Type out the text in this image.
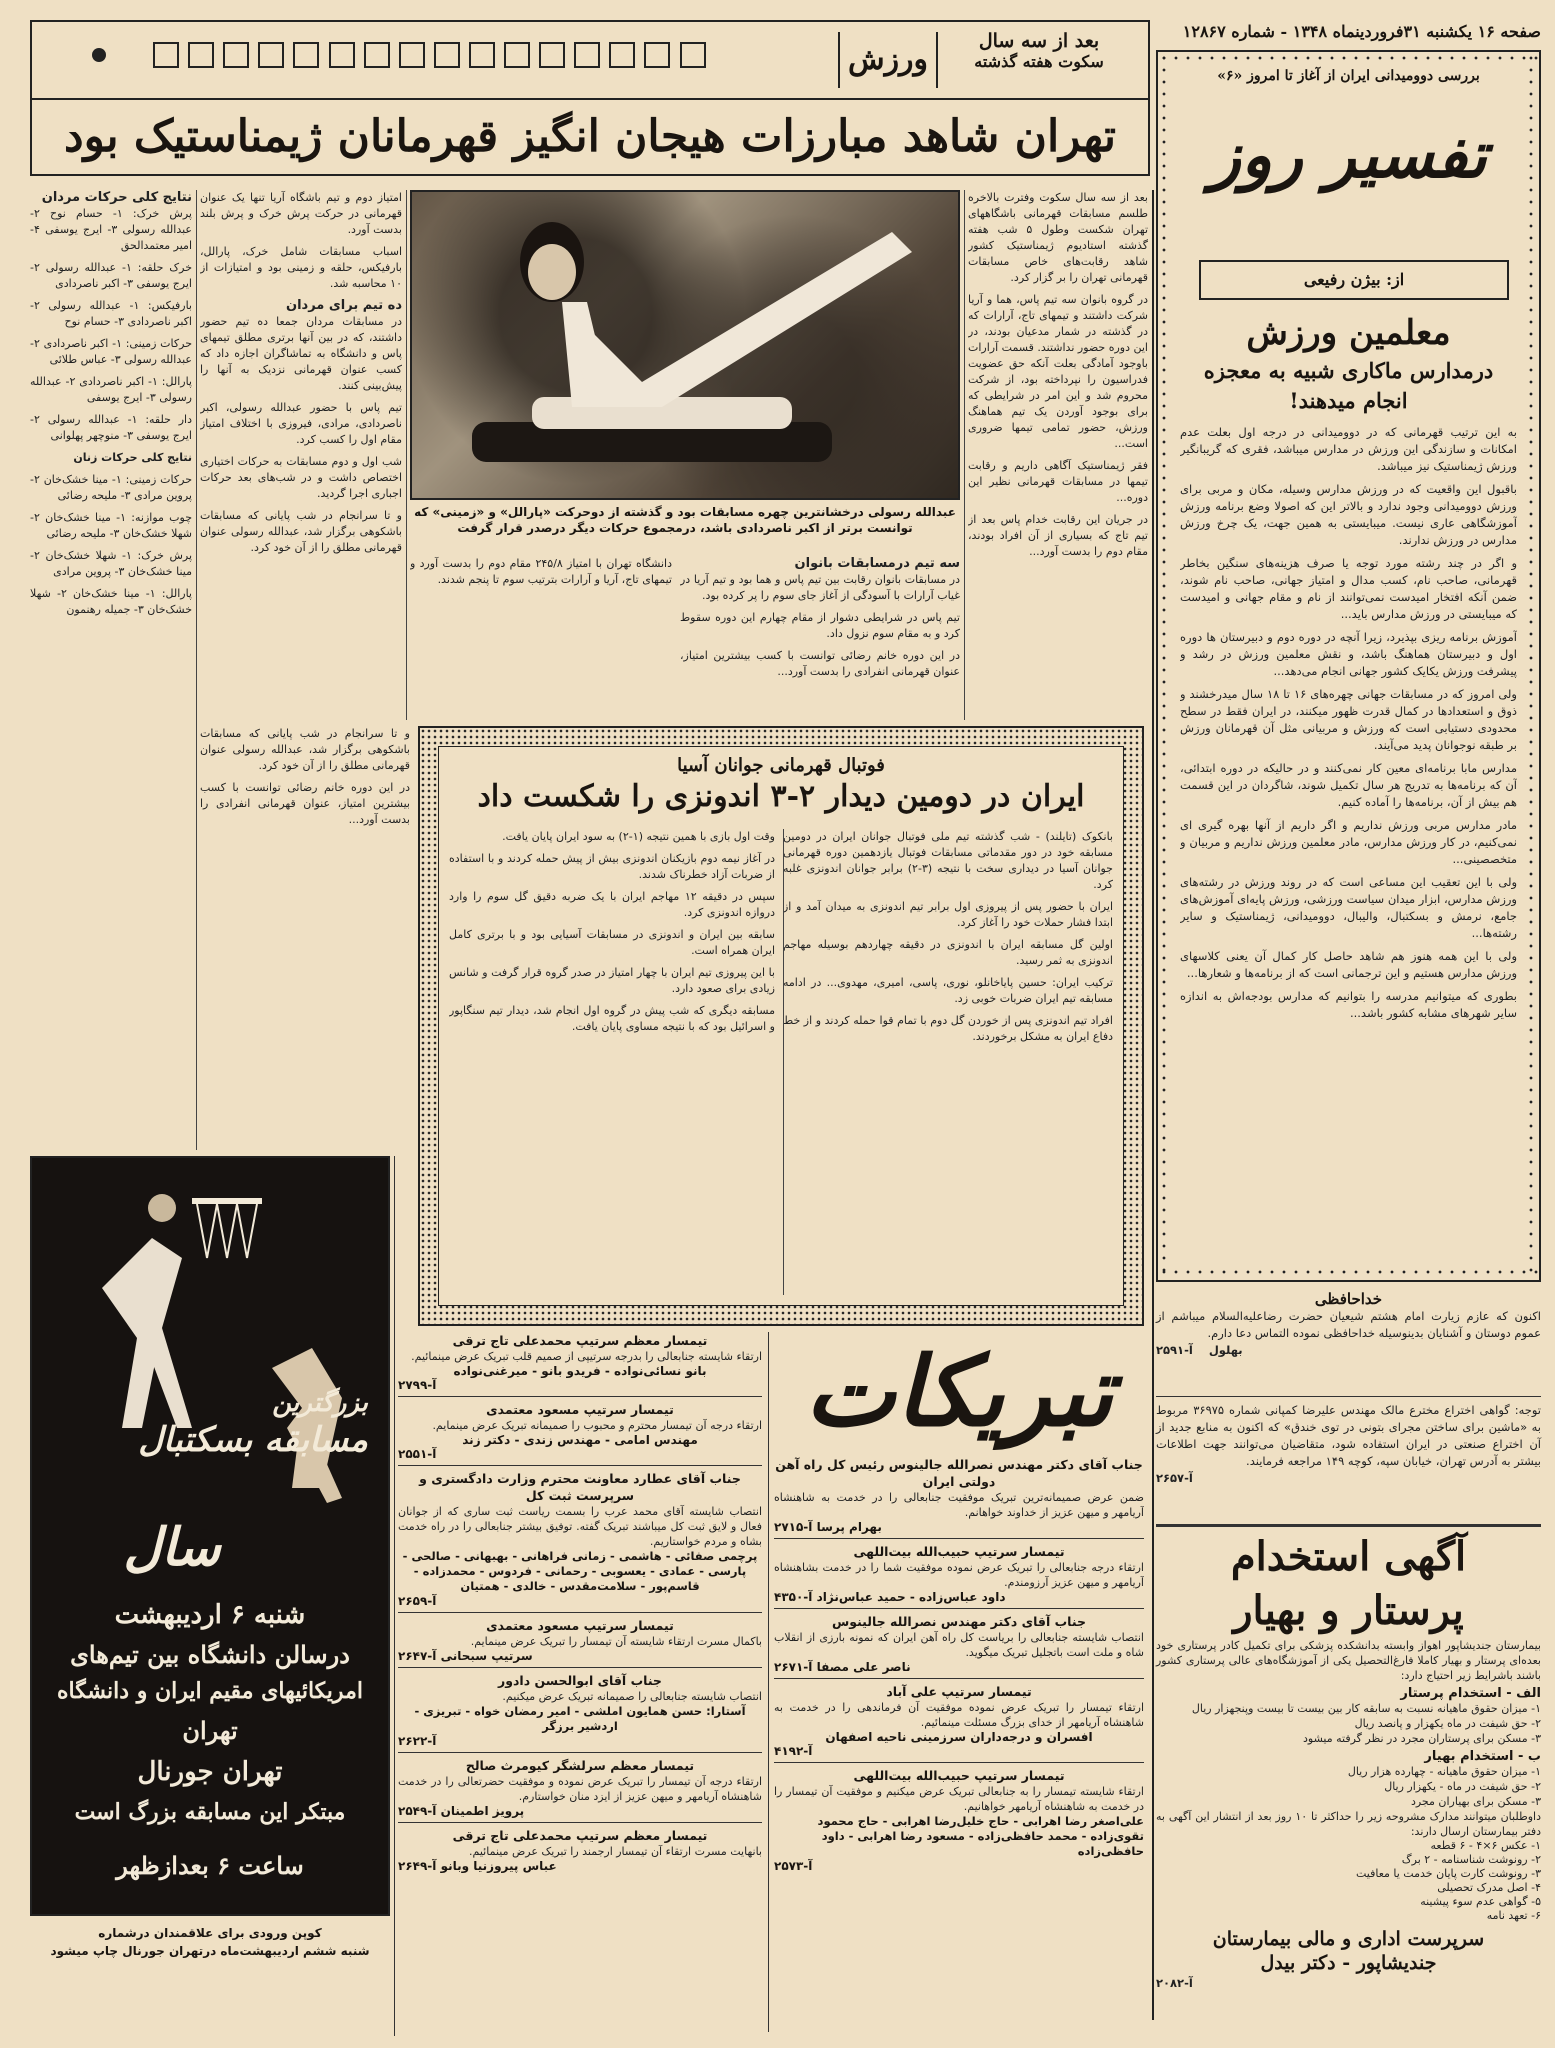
صفحه ۱۶ یکشنبه ۳۱فروردینماه ۱۳۴۸ - شماره ۱۲۸۶۷
بعد از سه سال
سکوت هفته گذشته
ورزش

تهران شاهد مبارزات هیجان انگیز قهرمانان ژیمناستیک بود
بررسی دوومیدانی ایران از آغاز تا امروز «۶»
تفسیر روز
از: بیژن رفیعی
معلمین ورزش
درمدارس ماکاری شبیه به معجزه انجام میدهند!

به این ترتیب قهرمانی که در دوومیدانی در درجه اول بعلت عدم امکانات و سازندگی این ورزش در مدارس میباشد، فقری که گریبانگیر ورزش ژیمناستیک نیز میباشد.

باقبول این واقعیت که در ورزش مدارس وسیله، مکان و مربی برای ورزش دوومیدانی وجود ندارد و بالاتر این که اصولا وضع برنامه ورزش آموزشگاهی عاری نیست. میبایستی به همین جهت، یک چرخ ورزش مدارس در ورزش ندارند.

و اگر در چند رشته مورد توجه یا صرف هزینه‌های سنگین بخاطر قهرمانی، صاحب نام، کسب مدال و امتیاز جهانی، صاحب نام شوند، ضمن آنکه افتخار امیدست نمی‌توانند از نام و مقام جهانی و امیدست که میبایستی در ورزش مدارس باید...

آموزش برنامه ریزی بپذیرد، زیرا آنچه در دوره دوم و دبیرستان ها دوره اول و دبیرستان هماهنگ باشد، و نقش معلمین ورزش در رشد و پیشرفت ورزش یکایک کشور جهانی انجام می‌دهد...

ولی امروز که در مسابقات جهانی چهره‌های ۱۶ تا ۱۸ سال میدرخشند و ذوق و استعدادها در کمال قدرت ظهور میکنند، در ایران فقط در سطح محدودی دستیابی است که ورزش و مربیانی مثل آن قهرمانان ورزش بر طبقه نوجوانان پدید می‌آیند.

مدارس مابا برنامه‌ای معین کار نمی‌کنند و در حالیکه در دوره ابتدائی، آن که برنامه‌ها به تدریج هر سال تکمیل شوند، شاگردان در این قسمت هم بیش از آن، برنامه‌ها را آماده کنیم.

مادر مدارس مربی ورزش نداریم و اگر داریم از آنها بهره گیری ای نمی‌کنیم، در کار ورزش مدارس، مادر معلمین ورزش نداریم و مربیان و متخصصینی...

ولی با این تعقیب این مساعی است که در روند ورزش در رشته‌های ورزش مدارس، ابزار میدان سیاست ورزشی، ورزش پایه‌ای آموزش‌های جامع، نرمش و بسکتبال، والیبال، دوومیدانی، ژیمناستیک و سایر رشته‌ها...

ولی با این همه هنوز هم شاهد حاصل کار کمال آن یعنی کلاسهای ورزش مدارس هستیم و این ترجمانی است که از برنامه‌ها و شعارها...

بطوری که میتوانیم مدرسه را بتوانیم که مدارس بودجه‌اش به اندازه سایر شهرهای مشابه کشور باشد...

خداحافظی
اکنون که عازم زیارت امام هشتم شیعیان حضرت رضاعلیه‌السلام میباشم از عموم دوستان و آشنایان بدینوسیله خداحافظی نموده التماس دعا دارم.
بهلول    آ-۲۵۹۱
توجه: گواهی اختراع مخترع مالک مهندس علیرضا کمپانی شماره ۳۶۹۷۵ مربوط به «ماشین برای ساختن مجرای بتونی در توی خندق» که اکنون به منابع جدید از آن اختراع صنعتی در ایران استفاده شود، متقاضیان می‌توانند جهت اطلاعات بیشتر به آدرس تهران، خیابان سپه، کوچه ۱۴۹ مراجعه فرمایند.
آ-۲۶۵۷
آگهی استخدام
پرستار و بهیار
بیمارستان جندیشاپور اهواز وابسته بدانشکده پزشکی برای تکمیل کادر پرستاری خود بعده‌ای پرستار و بهیار کاملا فارغ‌التحصیل یکی از آموزشگاه‌های عالی پرستاری کشور باشند باشرایط زیر احتیاج دارد:
الف - استخدام پرستار
۱- میزان حقوق ماهیانه نسبت به سابقه کار بین بیست تا بیست وپنجهزار ریال
۲- حق شیفت در ماه یکهزار و پانصد ریال
۳- مسکن برای پرستاران مجرد در نظر گرفته میشود
ب - استخدام بهیار
۱- میزان حقوق ماهیانه - چهارده هزار ریال
۲- حق شیفت در ماه - یکهزار ریال
۳- مسکن برای بهیاران مجرد
داوطلبان میتوانند مدارک مشروحه زیر را حداکثر تا ۱۰ روز بعد از انتشار این آگهی به دفتر بیمارستان ارسال دارند:
۱- عکس ۶×۴ - ۶ قطعه
۲- رونوشت شناسنامه - ۲ برگ
۳- رونوشت کارت پایان خدمت یا معافیت
۴- اصل مدرک تحصیلی
۵- گواهی عدم سوء پیشینه
۶- تعهد نامه
سرپرست اداری و مالی بیمارستان
جندیشاپور - دکتر بیدل
آ-۲۰۸۲
عبدالله رسولی درخشانترین چهره مسابقات بود و گذشته از دوحرکت «پارالل» و «زمینی» که توانست برتر از اکبر ناصردادی باشد، درمجموع حرکات دیگر درصدر قرار گرفت

بعد از سه سال سکوت وفترت بالاخره طلسم مسابقات قهرمانی باشگاههای تهران شکست وطول ۵ شب هفته گذشته استادیوم ژیمناستیک کشور شاهد رقابت‌های خاص مسابقات قهرمانی تهران را بر گزار کرد.

در گروه بانوان سه تیم پاس، هما و آریا شرکت داشتند و تیمهای تاج، آرارات که در گذشته در شمار مدعیان بودند، در این دوره حضور نداشتند. قسمت آرارات باوجود آمادگی بعلت آنکه حق عضویت فدراسیون را نپرداخته بود، از شرکت محروم شد و این امر در شرایطی که برای بوجود آوردن یک تیم هماهنگ ورزش، حضور تمامی تیمها ضروری است...

فقر ژیمناستیک آگاهی داریم و رقابت تیمها در مسابقات قهرمانی نظیر این دوره...

در جریان این رقابت خدام پاس بعد از تیم تاج که بسیاری از آن افراد بودند، مقام دوم را بدست آورد...

سه تیم درمسابقات بانوان

در مسابقات بانوان رقابت بین تیم پاس و هما بود و تیم آریا در غیاب آرارات با آسودگی از آغاز جای سوم را پر کرده بود.

تیم پاس در شرایطی دشوار از مقام چهارم این دوره سقوط کرد و به مقام سوم نزول داد.

در این دوره خانم رضائی توانست با کسب بیشترین امتیاز، عنوان قهرمانی انفرادی را بدست آورد...

دانشگاه تهران با امتیاز ۲۴۵/۸ مقام دوم را بدست آورد و تیمهای تاج، آریا و آرارات بترتیب سوم تا پنجم شدند.

امتیاز دوم و تیم باشگاه آریا تنها یک عنوان قهرمانی در حرکت پرش خرک و پرش بلند بدست آورد.

اسباب مسابقات شامل خرک، پارالل، بارفیکس، حلقه و زمینی بود و امتیازات از ۱۰ محاسبه شد.

ده تیم برای مردان

در مسابقات مردان جمعا ده تیم حضور داشتند، که در بین آنها برتری مطلق تیمهای پاس و دانشگاه به تماشاگران اجازه داد که کسب عنوان قهرمانی نزدیک به آنها را پیش‌بینی کنند.

تیم پاس با حضور عبدالله رسولی، اکبر ناصردادی، مرادی، فیروزی با اختلاف امتیاز مقام اول را کسب کرد.

شب اول و دوم مسابقات به حرکات اختیاری اختصاص داشت و در شب‌های بعد حرکات اجباری اجرا گردید.

و تا سرانجام در شب پایانی که مسابقات باشکوهی برگزار شد، عبدالله رسولی عنوان قهرمانی مطلق را از آن خود کرد.

نتایج کلی حرکات مردان

پرش خرک: ۱- حسام نوح ۲- عبدالله رسولی ۳- ایرج یوسفی ۴- امیر معتمدالحق

خرک حلقه: ۱- عبدالله رسولی ۲- ایرج یوسفی ۳- اکبر ناصردادی

بارفیکس: ۱- عبدالله رسولی ۲- اکبر ناصردادی ۳- حسام نوح

حرکات زمینی: ۱- اکبر ناصردادی ۲- عبدالله رسولی ۳- عباس طلائی

پارالل: ۱- اکبر ناصردادی ۲- عبدالله رسولی ۳- ایرج یوسفی

دار حلقه: ۱- عبدالله رسولی ۲- ایرج یوسفی ۳- منوچهر پهلوانی

نتایج کلی حرکات زنان

حرکات زمینی: ۱- مینا خشک‌خان ۲- پروین مرادی ۳- ملیحه رضائی

چوب موازنه: ۱- مینا خشک‌خان ۲- شهلا خشک‌خان ۳- ملیحه رضائی

پرش خرک: ۱- شهلا خشک‌خان ۲- مینا خشک‌خان ۳- پروین مرادی

پارالل: ۱- مینا خشک‌خان ۲- شهلا خشک‌خان ۳- جمیله رهنمون

فوتبال قهرمانی جوانان آسیا
ایران در دومین دیدار ۲-۳ اندونزی را شکست داد

بانکوک (تایلند) - شب گذشته تیم ملی فوتبال جوانان ایران در دومین مسابقه خود در دور مقدماتی مسابقات فوتبال یازدهمین دوره قهرمانی جوانان آسیا در دیداری سخت با نتیجه (۳-۲) برابر جوانان اندونزی غلبه کرد.

ایران با حضور پس از پیروزی اول برابر تیم اندونزی به میدان آمد و از ابتدا فشار حملات خود را آغاز کرد.

اولین گل مسابقه ایران با اندونزی در دقیقه چهاردهم بوسیله مهاجم اندونزی به ثمر رسید.

ترکیب ایران: حسین پایاخانلو، نوری، پاسی، امیری، مهدوی... در ادامه مسابقه تیم ایران ضربات خوبی زد.

افراد تیم اندونزی پس از خوردن گل دوم با تمام قوا حمله کردند و از خط دفاع ایران به مشکل برخوردند.

وقت اول بازی با همین نتیجه (۱-۲) به سود ایران پایان یافت.

در آغاز نیمه دوم بازیکنان اندونزی بیش از پیش حمله کردند و با استفاده از ضربات آزاد خطرناک شدند.

سپس در دقیقه ۱۲ مهاجم ایران با یک ضربه دقیق گل سوم را وارد دروازه اندونزی کرد.

سابقه بین ایران و اندونزی در مسابقات آسیایی بود و با برتری کامل ایران همراه است.

با این پیروزی تیم ایران با چهار امتیاز در صدر گروه قرار گرفت و شانس زیادی برای صعود دارد.

مسابقه دیگری که شب پیش در گروه اول انجام شد، دیدار تیم سنگاپور و اسرائیل بود که با نتیجه مساوی پایان یافت.

و تا سرانجام در شب پایانی که مسابقات باشکوهی برگزار شد، عبدالله رسولی عنوان قهرمانی مطلق را از آن خود کرد.

در این دوره خانم رضائی توانست با کسب بیشترین امتیاز، عنوان قهرمانی انفرادی را بدست آورد...

بزرگترین
مسابقه بسکتبال
سال
شنبه ۶ اردیبهشت
درسالن دانشگاه بین تیم‌های
امریکائیهای مقیم ایران و دانشگاه
تهران
تهران جورنال
مبتکر این مسابقه بزرگ است
ساعت ۶ بعدازظهر
کوپن ورودی برای علاقمندان درشماره
شنبه ششم اردیبهشت‌ماه درتهران جورنال چاپ میشود
تبریکات
جناب آقای دکتر مهندس نصرالله جالینوس رئیس کل راه آهن دولتی ایران
ضمن عرض صمیمانه‌ترین تبریک موفقیت جنابعالی را در خدمت به شاهنشاه آریامهر و میهن عزیز از خداوند خواهانم.
بهرام پرسا آ-۲۷۱۵
تیمسار سرتیپ حبیب‌الله بیت‌اللهی
ارتقاء درجه جنابعالی را تبریک عرض نموده موفقیت شما را در خدمت بشاهنشاه آریامهر و میهن عزیز آرزومندم.
داود عباس‌زاده - حمید عباس‌نژاد آ-۴۳۵۰
جناب آقای دکتر مهندس نصرالله جالینوس
انتصاب شایسته جنابعالی را بریاست کل راه آهن ایران که نمونه بارزی از انقلاب شاه و ملت است باتجلیل تبریک میگوید.
ناصر علی مصفا آ-۲۶۷۱
تیمسار سرتیپ علی آباد
ارتقاء تیمسار را تبریک عرض نموده موفقیت آن فرماندهی را در خدمت به شاهنشاه آریامهر از خدای بزرگ مسئلت مینمائیم.
افسران و درجه‌داران سرزمینی ناحیه اصفهان
آ-۴۱۹۲
تیمسار سرتیپ حبیب‌الله بیت‌اللهی
ارتقاء شایسته تیمسار را به جنابعالی تبریک عرض میکنیم و موفقیت آن تیمسار را در خدمت به شاهنشاه آریامهر خواهانیم.
علی‌اصغر رضا اهرابی - حاج خلیل‌رضا اهرابی - حاج محمود تقوی‌زاده - محمد حافظی‌زاده - مسعود رضا اهرابی - داود حافظی‌زاده
آ-۲۵۷۳
تیمسار معظم سرتیپ محمدعلی تاج ترقی
ارتقاء شایسته جنابعالی را بدرجه سرتیپی از صمیم قلب تبریک عرض مینمائیم.
بانو نسائی‌نواده - فریدو بانو - میرغنی‌نواده
آ-۲۷۹۹
تیمسار سرتیپ مسعود معتمدی
ارتقاء درجه آن تیمسار محترم و محبوب را صمیمانه تبریک عرض مینمایم.
مهندس امامی - مهندس زندی - دکتر زند
آ-۲۵۵۱
جناب آقای عطارد معاونت محترم وزارت دادگستری و سرپرست ثبت کل
انتصاب شایسته آقای محمد عرب را بسمت ریاست ثبت ساری که از جوانان فعال و لایق ثبت کل میباشند تبریک گفته. توفیق بیشتر جنابعالی را در راه خدمت بشاه و مردم خواستاریم.
پرچمی صفائی - هاشمی - زمانی فراهانی - بهبهانی - صالحی - پارسی - عمادی - یعسوبی - رحمانی - فردوس - محمدزاده - قاسم‌پور - سلامت‌مقدس - خالدی - همتیان
آ-۲۶۵۹
تیمسار سرتیپ مسعود معتمدی
باکمال مسرت ارتقاء شایسته آن تیمسار را تبریک عرض مینمایم.
سرتیپ سبحانی آ-۲۶۴۷
جناب آقای ابوالحسن دادور
انتصاب شایسته جنابعالی را صمیمانه تبریک عرض میکنیم.
آستارا: حسن همایون املشی - امیر رمضان خواه - تبریزی - اردشیر برزگر
آ-۲۶۲۲
تیمسار معظم سرلشگر کیومرث صالح
ارتقاء درجه آن تیمسار را تبریک عرض نموده و موفقیت حضرتعالی را در خدمت شاهنشاه آریامهر و میهن عزیز از ایزد منان خواستارم.
پرویز اطمینان آ-۲۵۴۹
تیمسار معظم سرتیپ محمدعلی تاج ترقی
بانهایت مسرت ارتقاء آن تیمسار ارجمند را تبریک عرض مینمائیم.
عباس پیروزنیا وبانو آ-۲۶۴۹
